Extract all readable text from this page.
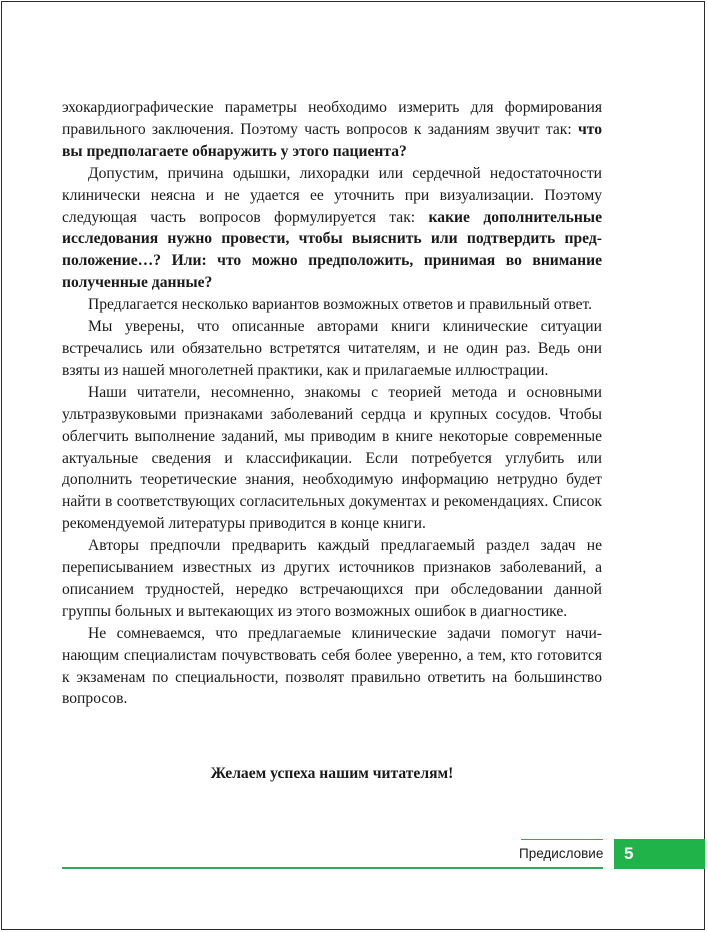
эхокардиографические параметры необходимо измерить для формирования правильного заключения. Поэтому часть вопросов к заданиям звучит так: что вы предполагаете обнаружить у этого пациента?

Допустим, причина одышки, лихорадки или сердечной недостаточности клинически неясна и не удается ее уточнить при визуализации. Поэтому следующая часть вопросов формулируется так: какие дополнительные исследования нужно провести, чтобы выяснить или подтвердить предположение…? Или: что можно предположить, принимая во внимание полученные данные?

Предлагается несколько вариантов возможных ответов и правильный ответ.

Мы уверены, что описанные авторами книги клинические ситуации встречались или обязательно встретятся читателям, и не один раз. Ведь они взяты из нашей многолетней практики, как и прилагаемые иллюстрации.

Наши читатели, несомненно, знакомы с теорией метода и основными ультразвуковыми признаками заболеваний сердца и крупных сосудов. Чтобы облегчить выполнение заданий, мы приводим в книге некоторые современные актуальные сведения и классификации. Если потребуется углубить или дополнить теоретические знания, необходимую информацию нетрудно будет найти в соответствующих согласительных документах и рекомендациях. Список рекомендуемой литературы приводится в конце книги.

Авторы предпочли предварить каждый предлагаемый раздел задач не переписыванием известных из других источников признаков заболеваний, а описанием трудностей, нередко встречающихся при обследовании данной группы больных и вытекающих из этого возможных ошибок в диагностике.

Не сомневаемся, что предлагаемые клинические задачи помогут начинающим специалистам почувствовать себя более уверенно, а тем, кто готовится к экзаменам по специальности, позволят правильно ответить на большинство вопросов.

Желаем успеха нашим читателям!
Предисловие 5
